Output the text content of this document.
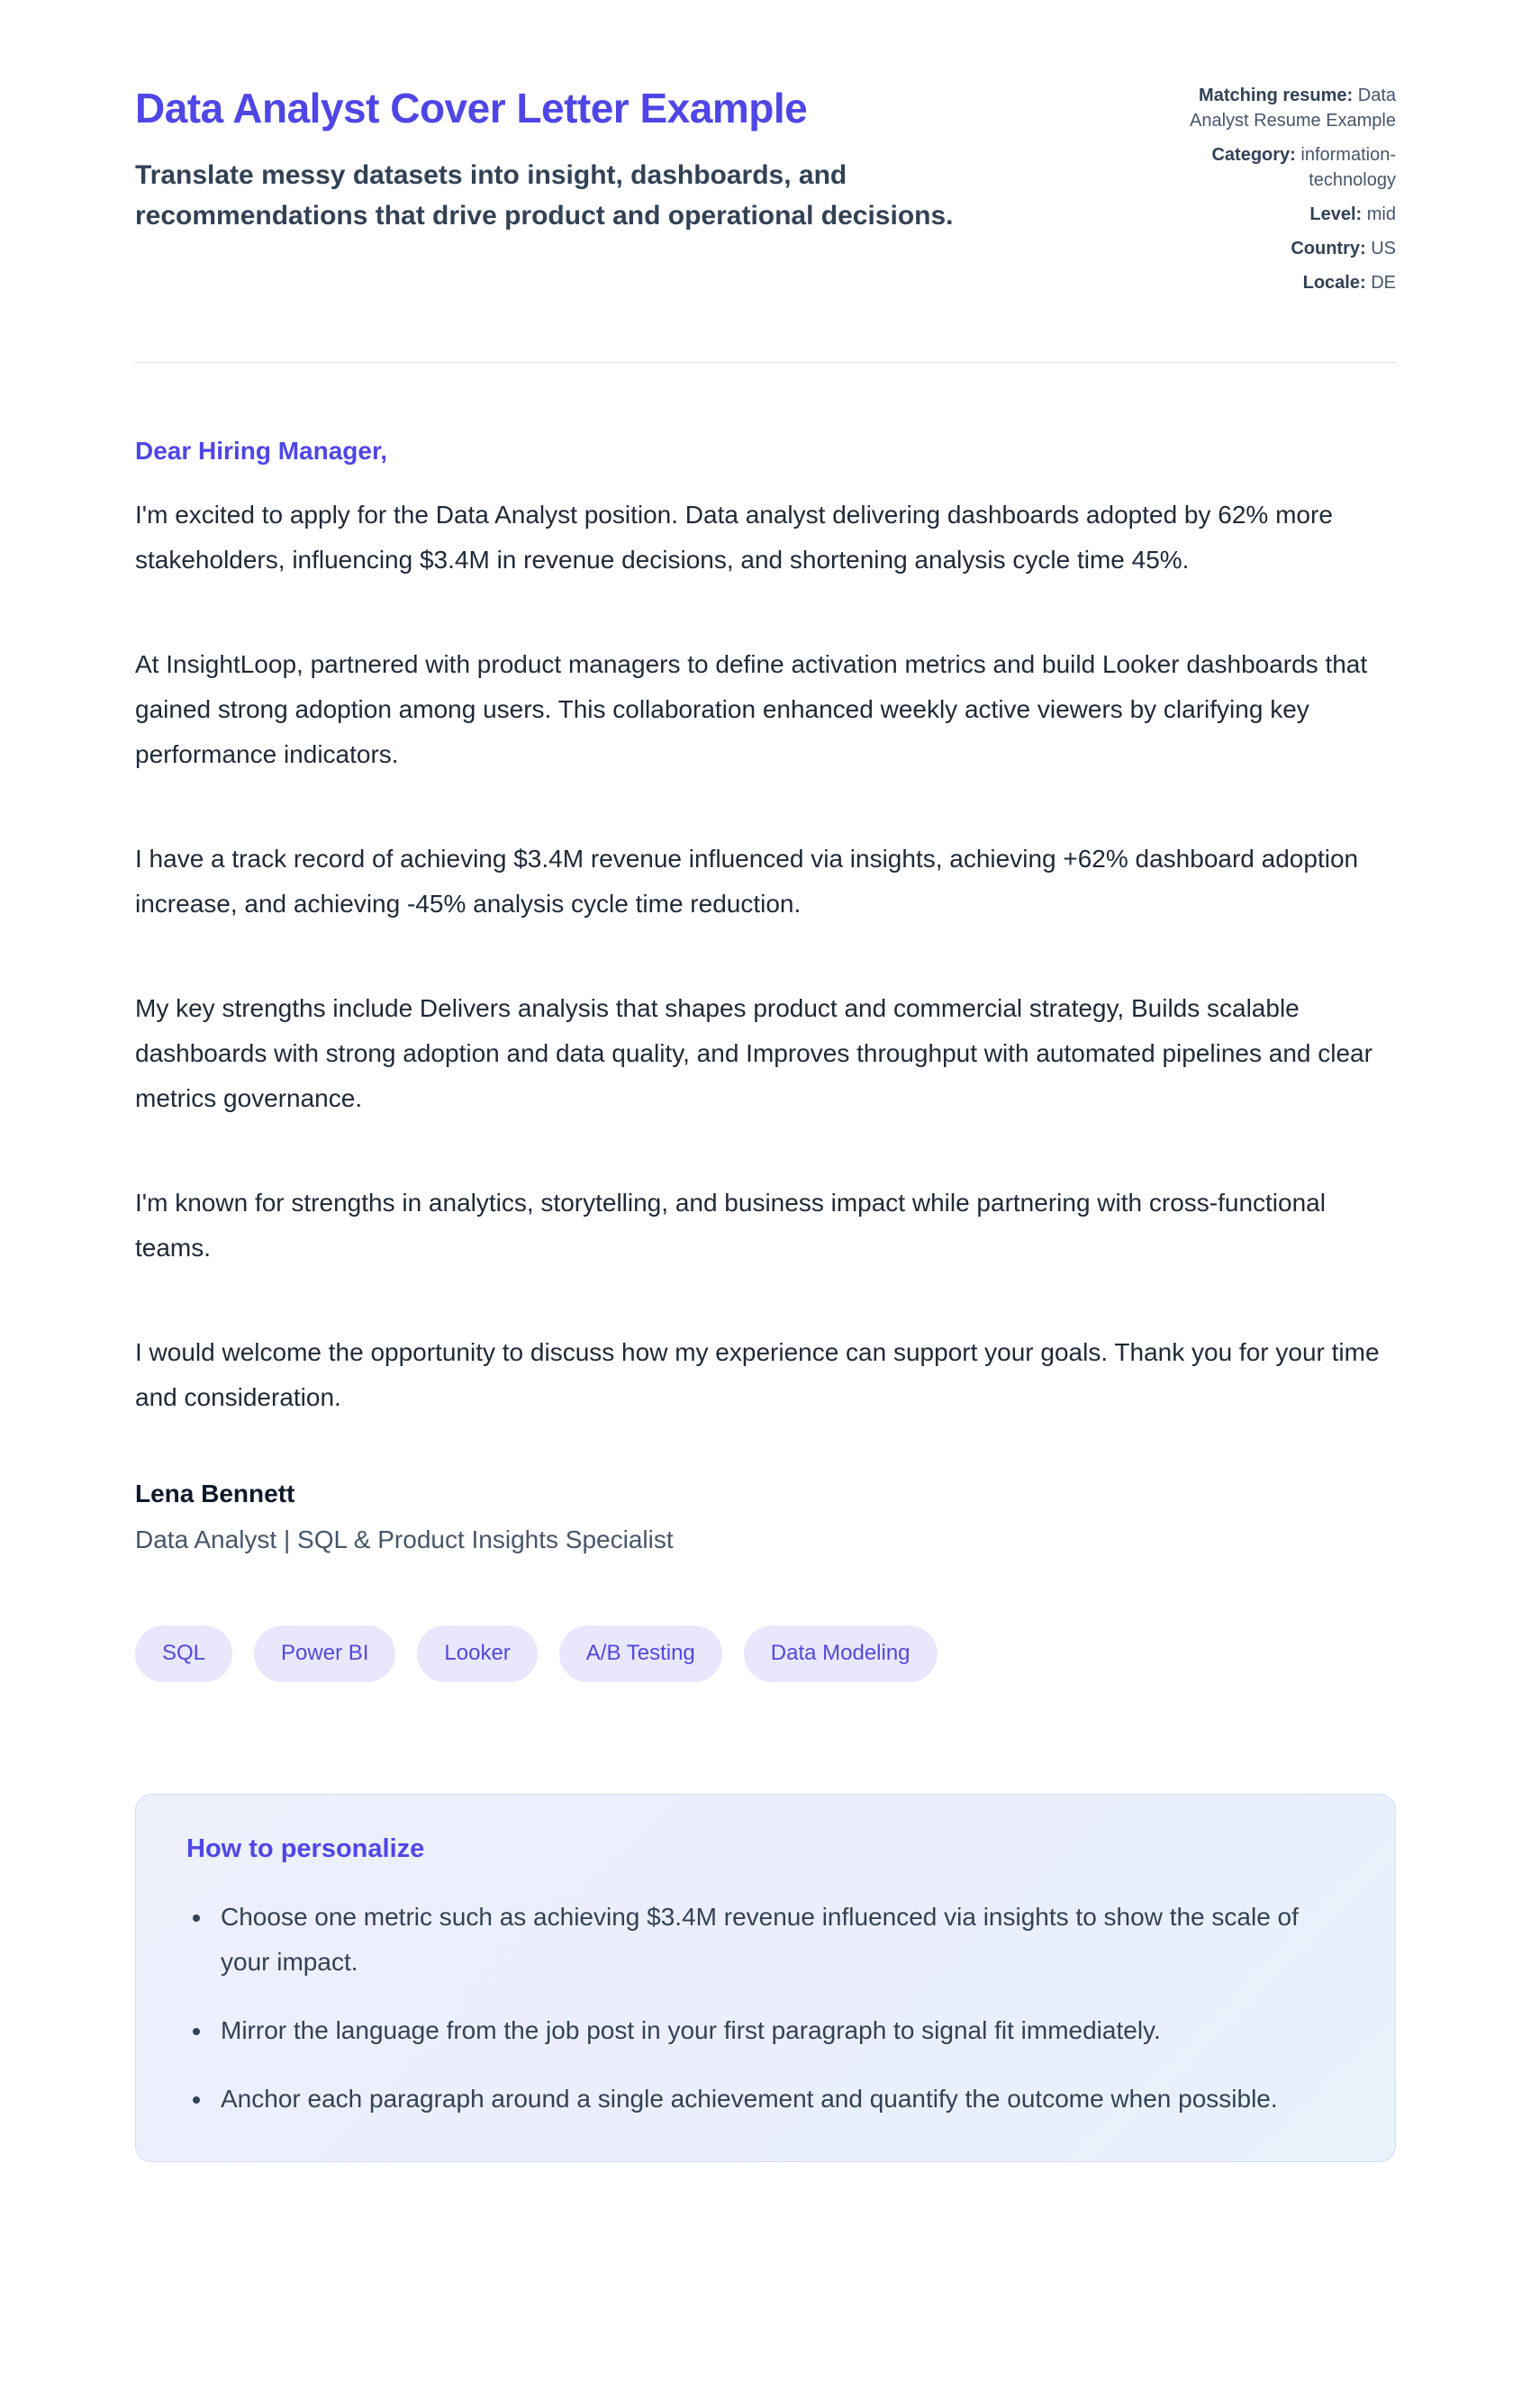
Data Analyst Cover Letter Example

Translate messy datasets into insight, dashboards, and recommendations that drive product and operational decisions.

Matching resume: Data Analyst Resume Example
Category: information-technology
Level: mid
Country: US
Locale: DE

Dear Hiring Manager,

I'm excited to apply for the Data Analyst position. Data analyst delivering dashboards adopted by 62% more stakeholders, influencing $3.4M in revenue decisions, and shortening analysis cycle time 45%.

At InsightLoop, partnered with product managers to define activation metrics and build Looker dashboards that gained strong adoption among users. This collaboration enhanced weekly active viewers by clarifying key performance indicators.

I have a track record of achieving $3.4M revenue influenced via insights, achieving +62% dashboard adoption increase, and achieving -45% analysis cycle time reduction.

My key strengths include Delivers analysis that shapes product and commercial strategy, Builds scalable dashboards with strong adoption and data quality, and Improves throughput with automated pipelines and clear metrics governance.

I'm known for strengths in analytics, storytelling, and business impact while partnering with cross-functional teams.

I would welcome the opportunity to discuss how my experience can support your goals. Thank you for your time and consideration.

Lena Bennett

Data Analyst | SQL & Product Insights Specialist

SQL	Power BI	Looker	A/B Testing	Data Modeling
How to personalize
• Choose one metric such as achieving $3.4M revenue influenced via insights to show the scale of your impact.
• Mirror the language from the job post in your first paragraph to signal fit immediately.
• Anchor each paragraph around a single achievement and quantify the outcome when possible.
